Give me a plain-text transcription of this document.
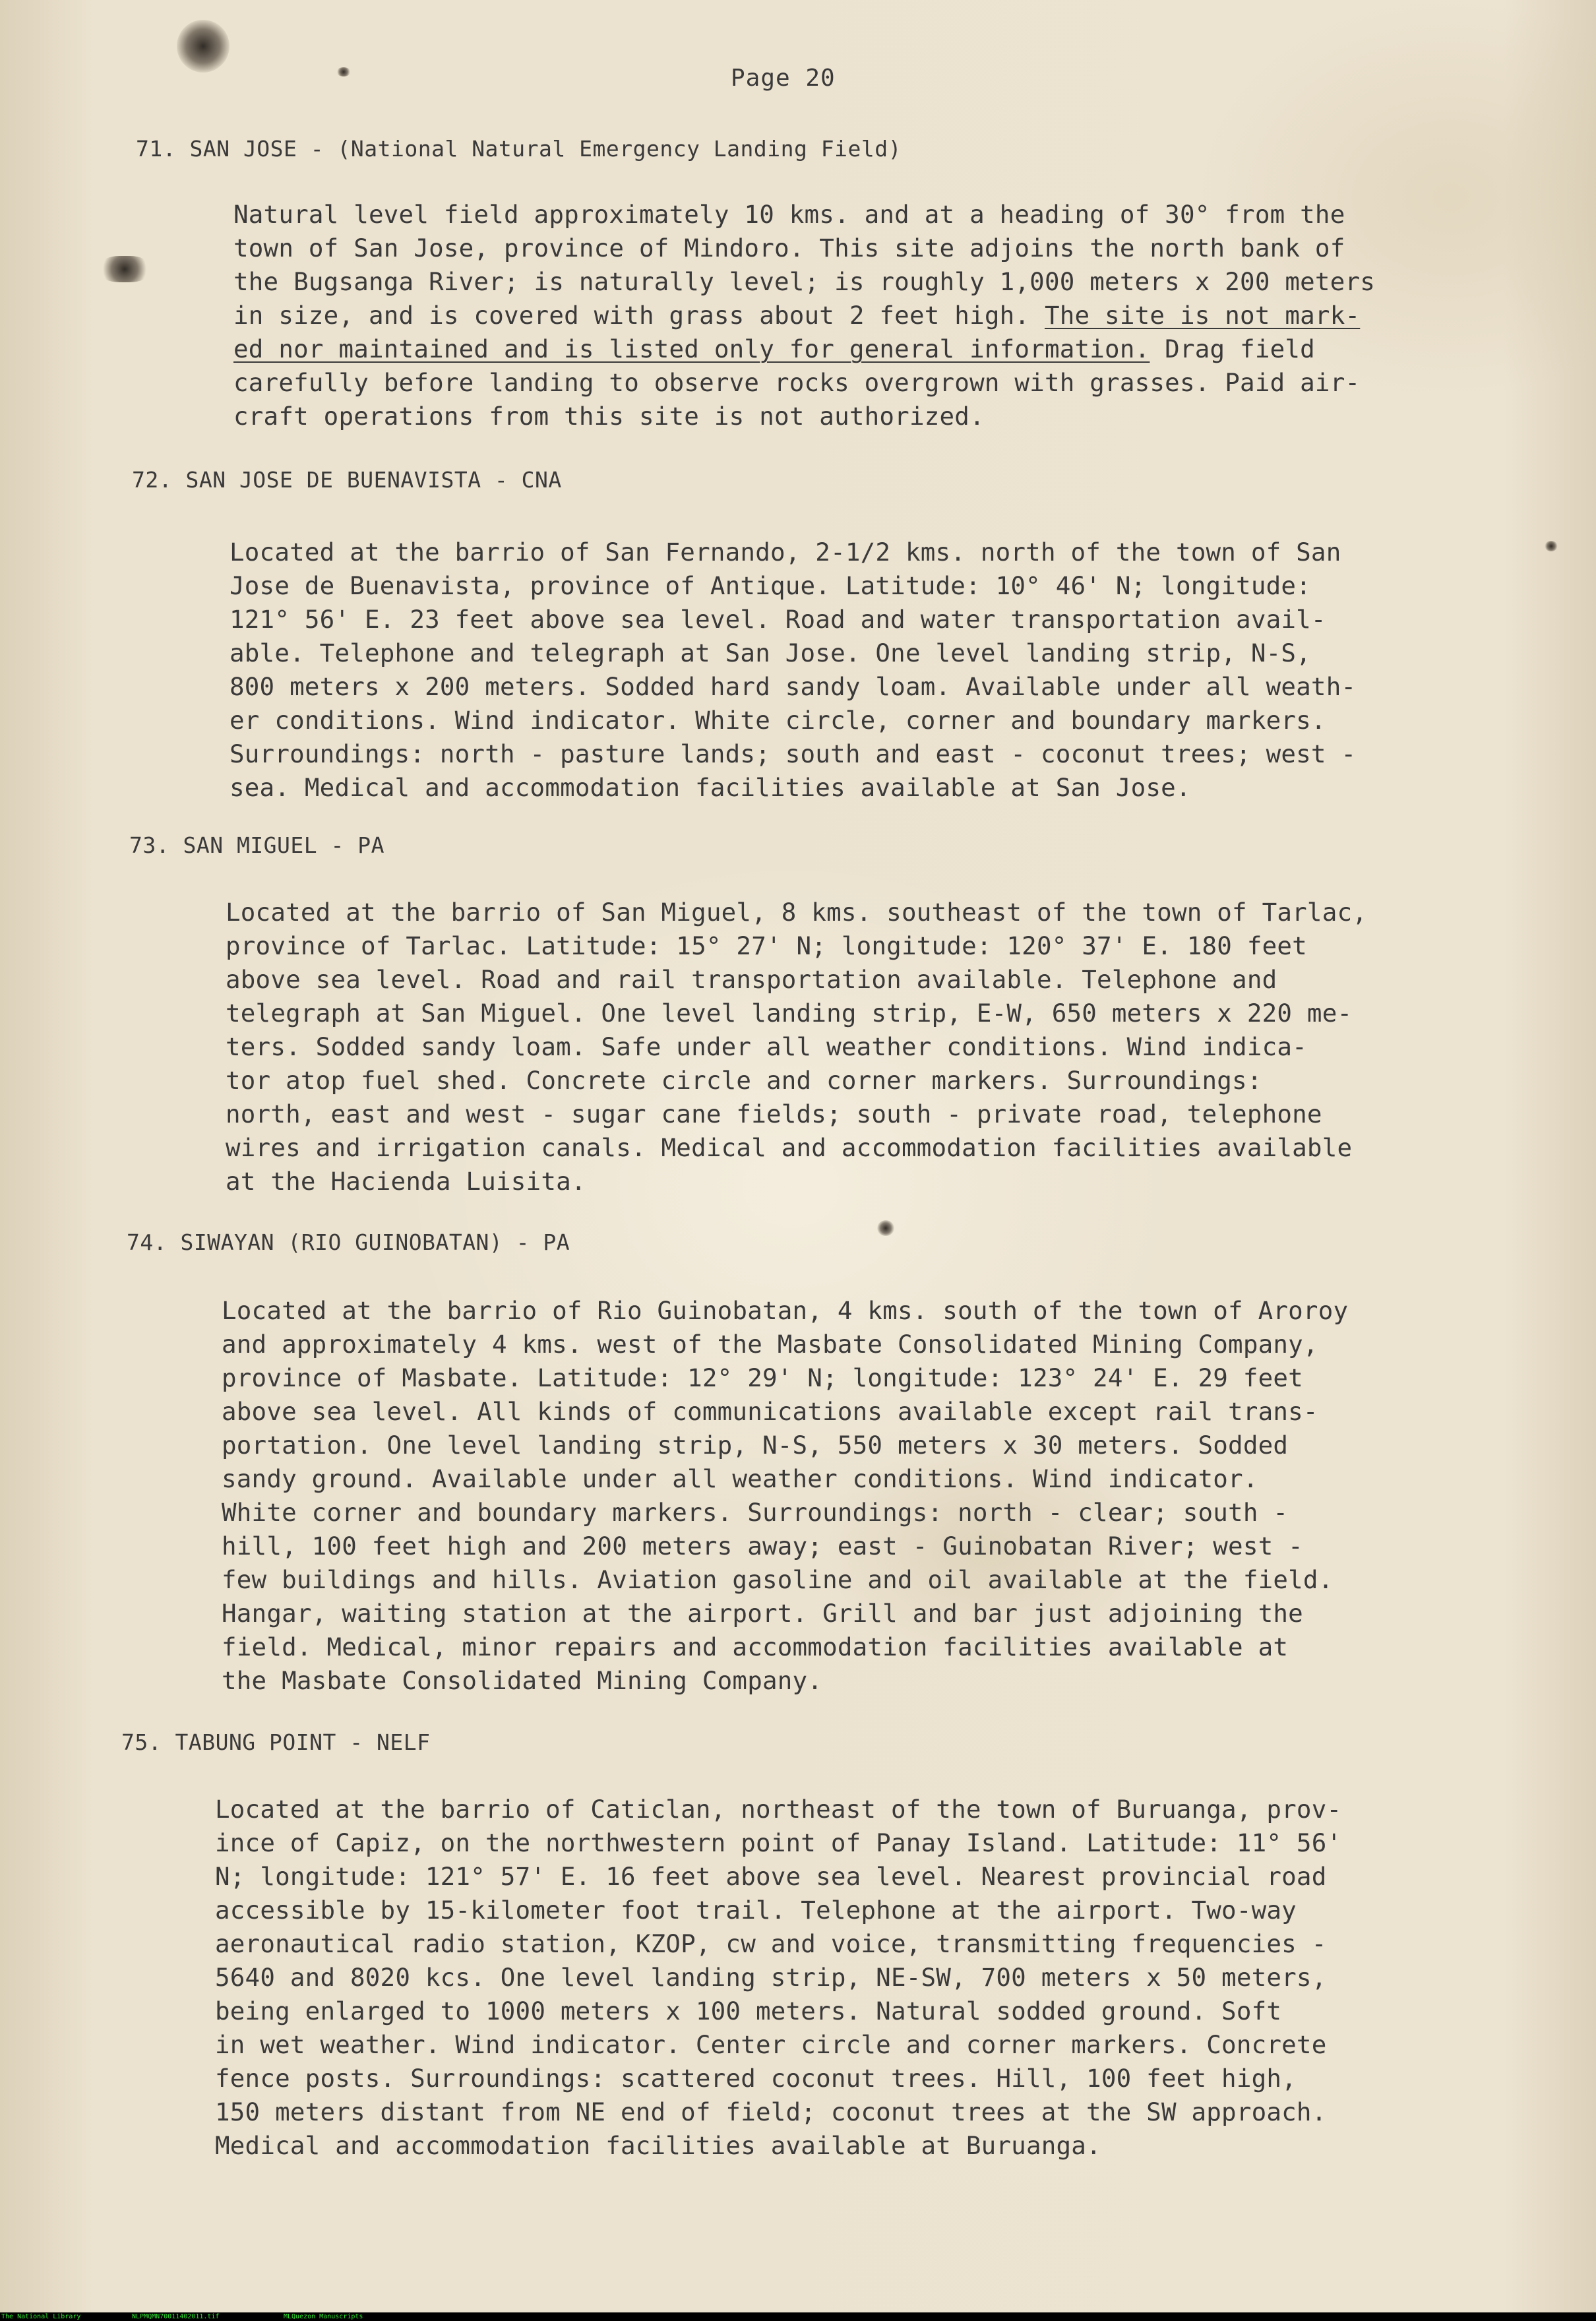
Page 20
71. SAN JOSE - (National Natural Emergency Landing Field)
Natural level field approximately 10 kms. and at a heading of 30° from the
town of San Jose, province of Mindoro. This site adjoins the north bank of
the Bugsanga River; is naturally level; is roughly 1,000 meters x 200 meters
in size, and is covered with grass about 2 feet high. The site is not mark-
ed nor maintained and is listed only for general information. Drag field
carefully before landing to observe rocks overgrown with grasses. Paid air-
craft operations from this site is not authorized.
72. SAN JOSE DE BUENAVISTA - CNA
Located at the barrio of San Fernando, 2-1/2 kms. north of the town of San
Jose de Buenavista, province of Antique. Latitude: 10° 46' N; longitude:
121° 56' E. 23 feet above sea level. Road and water transportation avail-
able. Telephone and telegraph at San Jose. One level landing strip, N-S,
800 meters x 200 meters. Sodded hard sandy loam. Available under all weath-
er conditions. Wind indicator. White circle, corner and boundary markers.
Surroundings: north - pasture lands; south and east - coconut trees; west -
sea. Medical and accommodation facilities available at San Jose.
73. SAN MIGUEL - PA
Located at the barrio of San Miguel, 8 kms. southeast of the town of Tarlac,
province of Tarlac. Latitude: 15° 27' N; longitude: 120° 37' E. 180 feet
above sea level. Road and rail transportation available. Telephone and
telegraph at San Miguel. One level landing strip, E-W, 650 meters x 220 me-
ters. Sodded sandy loam. Safe under all weather conditions. Wind indica-
tor atop fuel shed. Concrete circle and corner markers. Surroundings:
north, east and west - sugar cane fields; south - private road, telephone
wires and irrigation canals. Medical and accommodation facilities available
at the Hacienda Luisita.
74. SIWAYAN (RIO GUINOBATAN) - PA
Located at the barrio of Rio Guinobatan, 4 kms. south of the town of Aroroy
and approximately 4 kms. west of the Masbate Consolidated Mining Company,
province of Masbate. Latitude: 12° 29' N; longitude: 123° 24' E. 29 feet
above sea level. All kinds of communications available except rail trans-
portation. One level landing strip, N-S, 550 meters x 30 meters. Sodded
sandy ground. Available under all weather conditions. Wind indicator.
White corner and boundary markers. Surroundings: north - clear; south -
hill, 100 feet high and 200 meters away; east - Guinobatan River; west -
few buildings and hills. Aviation gasoline and oil available at the field.
Hangar, waiting station at the airport. Grill and bar just adjoining the
field. Medical, minor repairs and accommodation facilities available at
the Masbate Consolidated Mining Company.
75. TABUNG POINT - NELF
Located at the barrio of Caticlan, northeast of the town of Buruanga, prov-
ince of Capiz, on the northwestern point of Panay Island. Latitude: 11° 56'
N; longitude: 121° 57' E. 16 feet above sea level. Nearest provincial road
accessible by 15-kilometer foot trail. Telephone at the airport. Two-way
aeronautical radio station, KZOP, cw and voice, transmitting frequencies -
5640 and 8020 kcs. One level landing strip, NE-SW, 700 meters x 50 meters,
being enlarged to 1000 meters x 100 meters. Natural sodded ground. Soft
in wet weather. Wind indicator. Center circle and corner markers. Concrete
fence posts. Surroundings: scattered coconut trees. Hill, 100 feet high,
150 meters distant from NE end of field; coconut trees at the SW approach.
Medical and accommodation facilities available at Buruanga.
The National Library	NLPMQMN70011402011.tif	MLQuezon Manuscripts
